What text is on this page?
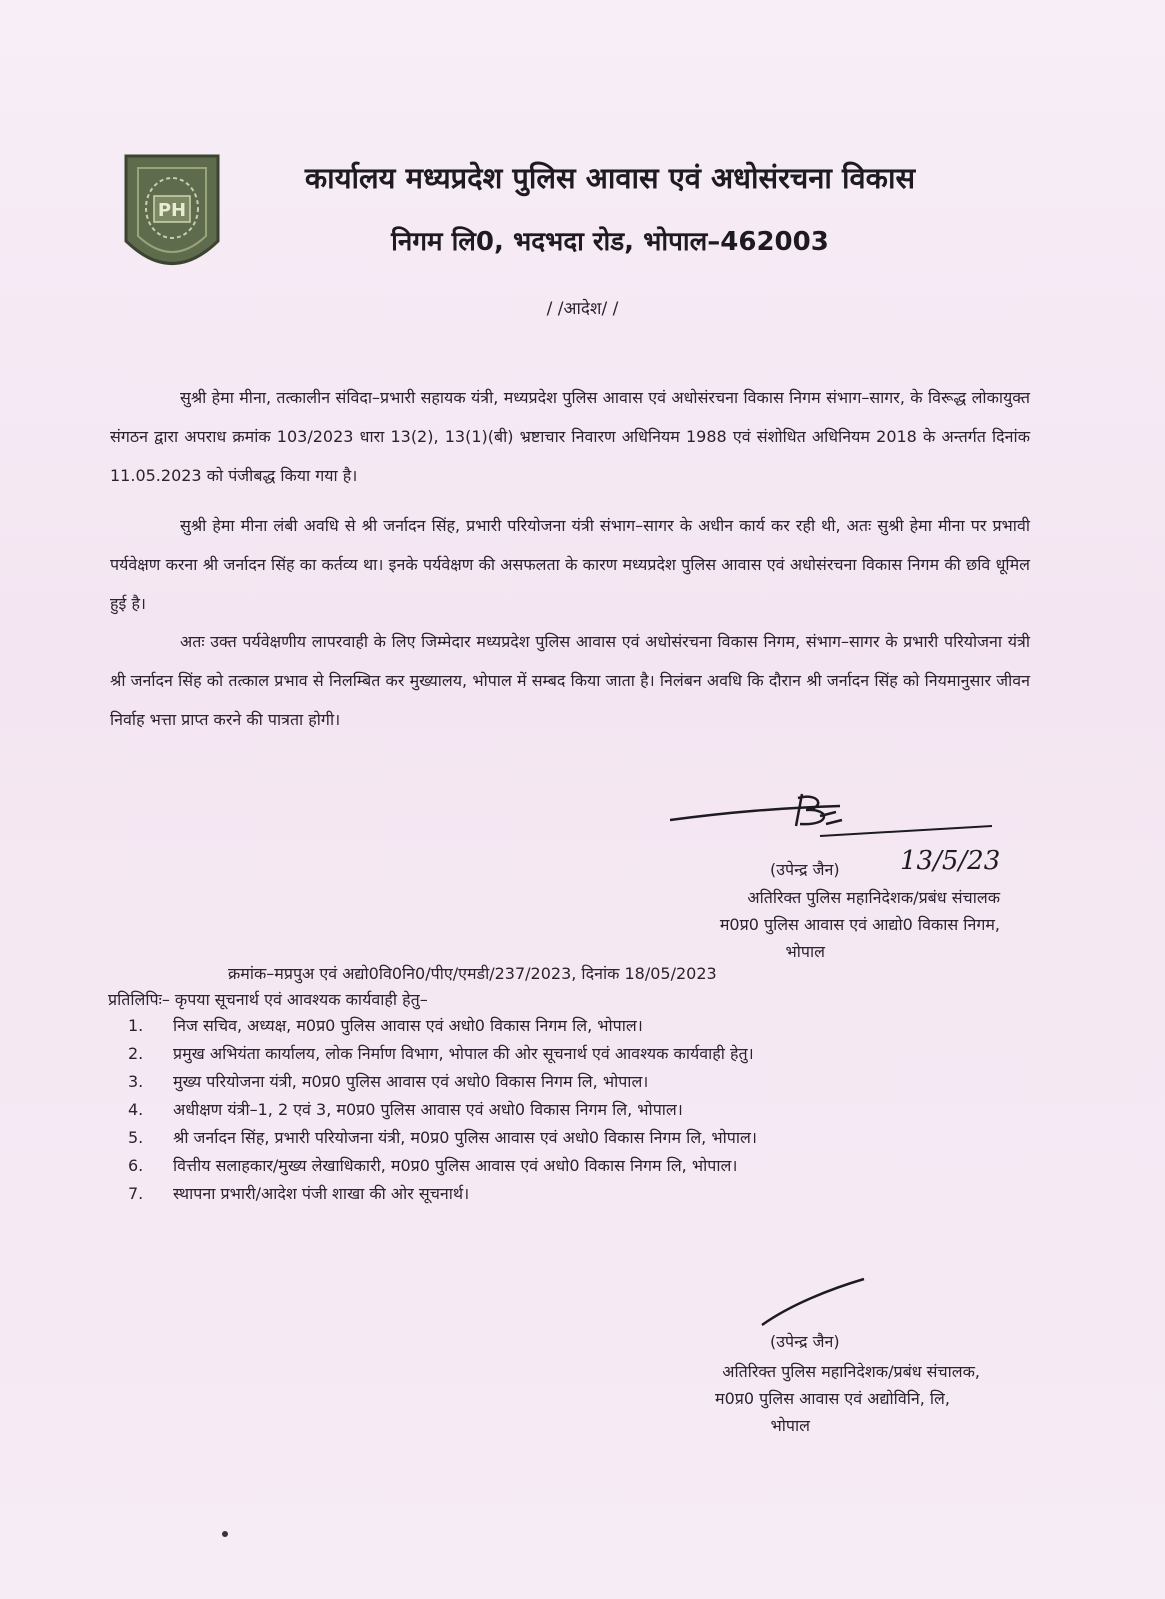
PH
कार्यालय मध्यप्रदेश पुलिस आवास एवं अधोसंरचना विकास
निगम लि0, भदभदा रोड, भोपाल–462003
/ /आदेश/ /
सुश्री हेमा मीना, तत्कालीन संविदा–प्रभारी सहायक यंत्री, मध्यप्रदेश पुलिस आवास एवं अधोसंरचना विकास निगम संभाग–सागर, के विरूद्ध लोकायुक्त संगठन द्वारा अपराध क्रमांक 103/2023 धारा 13(2), 13(1)(बी) भ्रष्टाचार निवारण अधिनियम 1988 एवं संशोधित अधिनियम 2018 के अन्तर्गत दिनांक 11.05.2023 को पंजीबद्ध किया गया है।
सुश्री हेमा मीना लंबी अवधि से श्री जर्नादन सिंह, प्रभारी परियोजना यंत्री संभाग–सागर के अधीन कार्य कर रही थी, अतः सुश्री हेमा मीना पर प्रभावी पर्यवेक्षण करना श्री जर्नादन सिंह का कर्तव्य था। इनके पर्यवेक्षण की असफलता के कारण मध्यप्रदेश पुलिस आवास एवं अधोसंरचना विकास निगम की छवि धूमिल हुई है।
अतः उक्त पर्यवेक्षणीय लापरवाही के लिए जिम्मेदार मध्यप्रदेश पुलिस आवास एवं अधोसंरचना विकास निगम, संभाग–सागर के प्रभारी परियोजना यंत्री श्री जर्नादन सिंह को तत्काल प्रभाव से निलम्बित कर मुख्यालय, भोपाल में सम्बद किया जाता है। निलंबन अवधि कि दौरान श्री जर्नादन सिंह को नियमानुसार जीवन निर्वाह भत्ता प्राप्त करने की पात्रता होगी।
13/5/23
(उपेन्द्र जैन)
अतिरिक्त पुलिस महानिदेशक/प्रबंध संचालक
म0प्र0 पुलिस आवास एवं आद्यो0 विकास निगम,
भोपाल
क्रमांक–मप्रपुअ एवं अद्यो0वि0नि0/पीए/एमडी/237/2023, दिनांक 18/05/2023
प्रतिलिपिः– कृपया सूचनार्थ एवं आवश्यक कार्यवाही हेतु–
1.	निज सचिव, अध्यक्ष, म0प्र0 पुलिस आवास एवं अधो0 विकास निगम लि, भोपाल।
2.	प्रमुख अभियंता कार्यालय, लोक निर्माण विभाग, भोपाल की ओर सूचनार्थ एवं आवश्यक कार्यवाही हेतु।
3.	मुख्य परियोजना यंत्री, म0प्र0 पुलिस आवास एवं अधो0 विकास निगम लि, भोपाल।
4.	अधीक्षण यंत्री–1, 2 एवं 3, म0प्र0 पुलिस आवास एवं अधो0 विकास निगम लि, भोपाल।
5.	श्री जर्नादन सिंह, प्रभारी परियोजना यंत्री, म0प्र0 पुलिस आवास एवं अधो0 विकास निगम लि, भोपाल।
6.	वित्तीय सलाहकार/मुख्य लेखाधिकारी, म0प्र0 पुलिस आवास एवं अधो0 विकास निगम लि, भोपाल।
7.	स्थापना प्रभारी/आदेश पंजी शाखा की ओर सूचनार्थ।
(उपेन्द्र जैन)
अतिरिक्त पुलिस महानिदेशक/प्रबंध संचालक,
म0प्र0 पुलिस आवास एवं अद्योविनि, लि,
भोपाल
